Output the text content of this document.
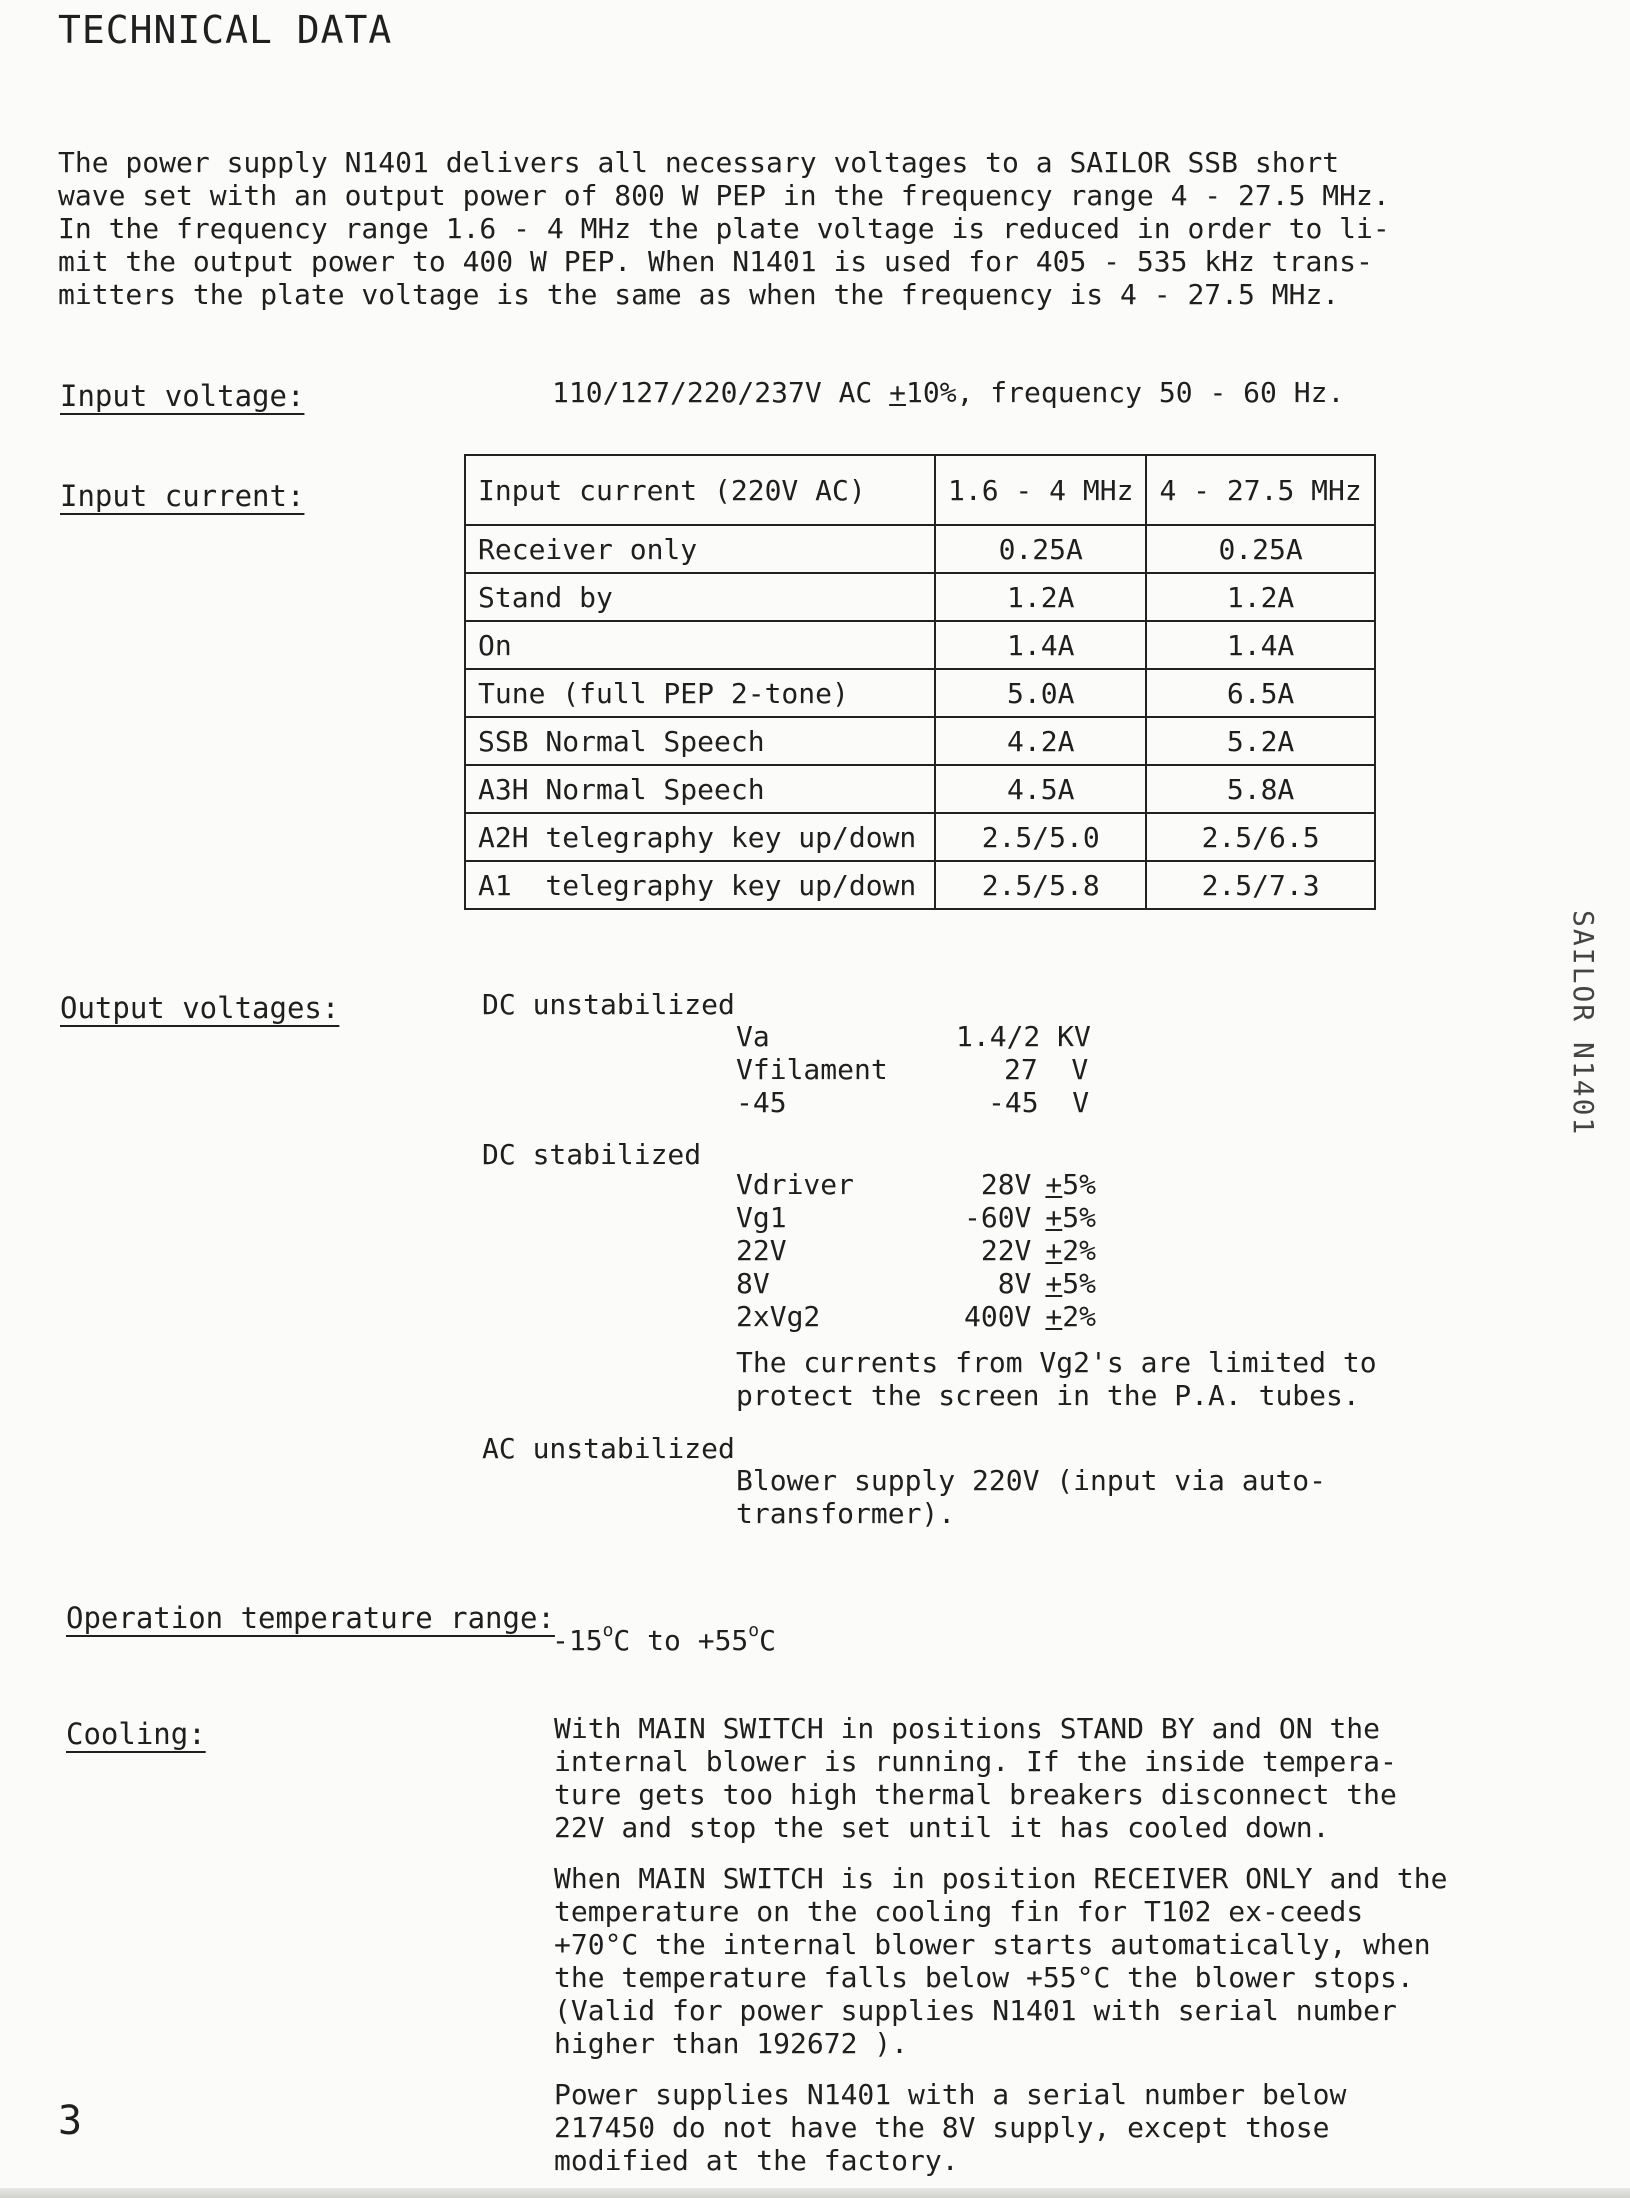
TECHNICAL DATA

The power supply N1401 delivers all necessary voltages to a SAILOR SSB short

wave set with an output power of 800 W PEP in the frequency range 4 - 27.5 MHz.

In the frequency range 1.6 - 4 MHz the plate voltage is reduced in order to li-

mit the output power to 400 W PEP. When N1401 is used for 405 - 535 kHz trans-

mitters the plate voltage is the same as when the frequency is 4 - 27.5 MHz.

Input voltage:	110/127/220/237V AC +10%, frequency 50 - 60 Hz.
Input current:	Input current (220V AC)	1.6 - 4 MHz	4 - 27.5 MHz
Receiver only	0.25A	0.25A
Stand by	1.2A	1.2A
On	1.4A	1.4A
Tune (full PEP 2-tone)	5.0A	6.5A
SSB Normal Speech	4.2A	5.2A
A3H Normal Speech	4.5A	5.8A
A2H telegraphy key up/down	2.5/5.0	2.5/6.5
A1  telegraphy key up/down	2.5/5.8	2.5/7.3
Output voltages:	DC unstabilized
Va	1.4/2 KV
Vfilament	27  V
-45	-45  V
DC stabilized
Vdriver	28V + 5%
Vg1	-60V + 5%
22V	22V + 2%
8V	8V + 5%
2xVg2	400V + 2%

The currents from Vg2's are limited to protect the screen in the P.A. tubes.

AC unstabilized

Blower supply 220V (input via auto-transformer).

Operation temperature range:
-15$^o$C to $+55^oC$
Cooling:	With MAIN SWITCH in positions STAND BY and ON the internal blower is running. If the inside tempera-ture gets too high thermal breakers disconnect the 22V and stop the set until it has cooled down.

When MAIN SWITCH is in position RECEIVER ONLY and the temperature on the cooling fin for T102 ex-ceeds +70°C the internal blower starts automatically, when the temperature falls below +55°C the blower stops. (Valid for power supplies N1401 with serial number higher than 192672 ).

Power supplies N1401 with a serial number below 217450 do not have the 8V supply, except those modified at the factory.

SAILOR N1401
3
